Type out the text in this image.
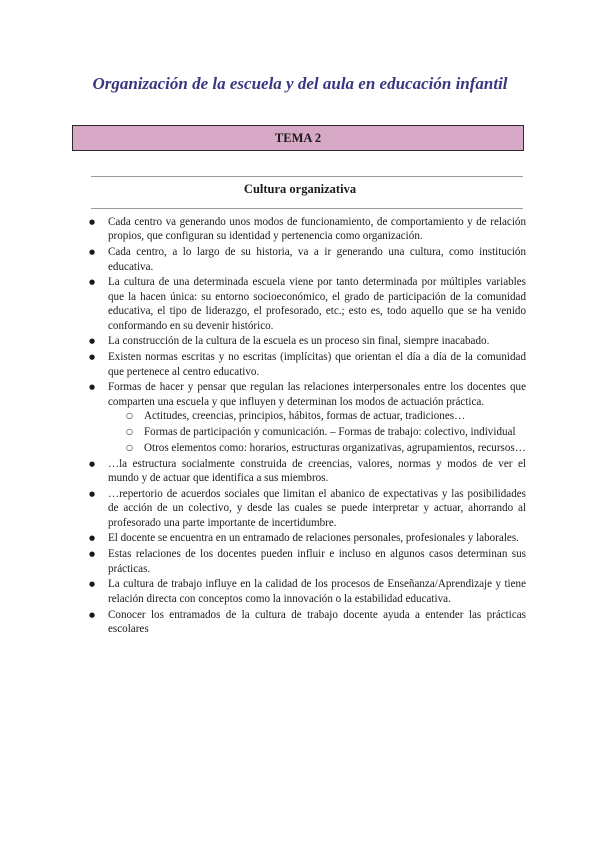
Organización de la escuela y del aula en educación infantil
TEMA 2
Cultura organizativa
● Cada centro va generando unos modos de funcionamiento, de comportamiento y de relación propios, que configuran su identidad y pertenencia como organización.
● Cada centro, a lo largo de su historia, va a ir generando una cultura, como institución educativa.
● La cultura de una determinada escuela viene por tanto determinada por múltiples variables que la hacen única: su entorno socioeconómico, el grado de participación de la comunidad educativa, el tipo de liderazgo, el profesorado, etc.; esto es, todo aquello que se ha venido conformando en su devenir histórico.
● La construcción de la cultura de la escuela es un proceso sin final, siempre inacabado.
● Existen normas escritas y no escritas (implícitas) que orientan el día a día de la comunidad que pertenece al centro educativo.
● Formas de hacer y pensar que regulan las relaciones interpersonales entre los docentes que comparten una escuela y que influyen y determinan los modos de actuación práctica.
○ Actitudes, creencias, principios, hábitos, formas de actuar, tradiciones…
○ Formas de participación y comunicación. – Formas de trabajo: colectivo, individual
○ Otros elementos como: horarios, estructuras organizativas, agrupamientos, recursos…
● …la estructura socialmente construida de creencias, valores, normas y modos de ver el mundo y de actuar que identifica a sus miembros.
● …repertorio de acuerdos sociales que limitan el abanico de expectativas y las posibilidades de acción de un colectivo, y desde las cuales se puede interpretar y actuar, ahorrando al profesorado una parte importante de incertidumbre.
● El docente se encuentra en un entramado de relaciones personales, profesionales y laborales.
● Estas relaciones de los docentes pueden influir e incluso en algunos casos determinan sus prácticas.
● La cultura de trabajo influye en la calidad de los procesos de Enseñanza/Aprendizaje y tiene relación directa con conceptos como la innovación o la estabilidad educativa.
● Conocer los entramados de la cultura de trabajo docente ayuda a entender las prácticas escolares
